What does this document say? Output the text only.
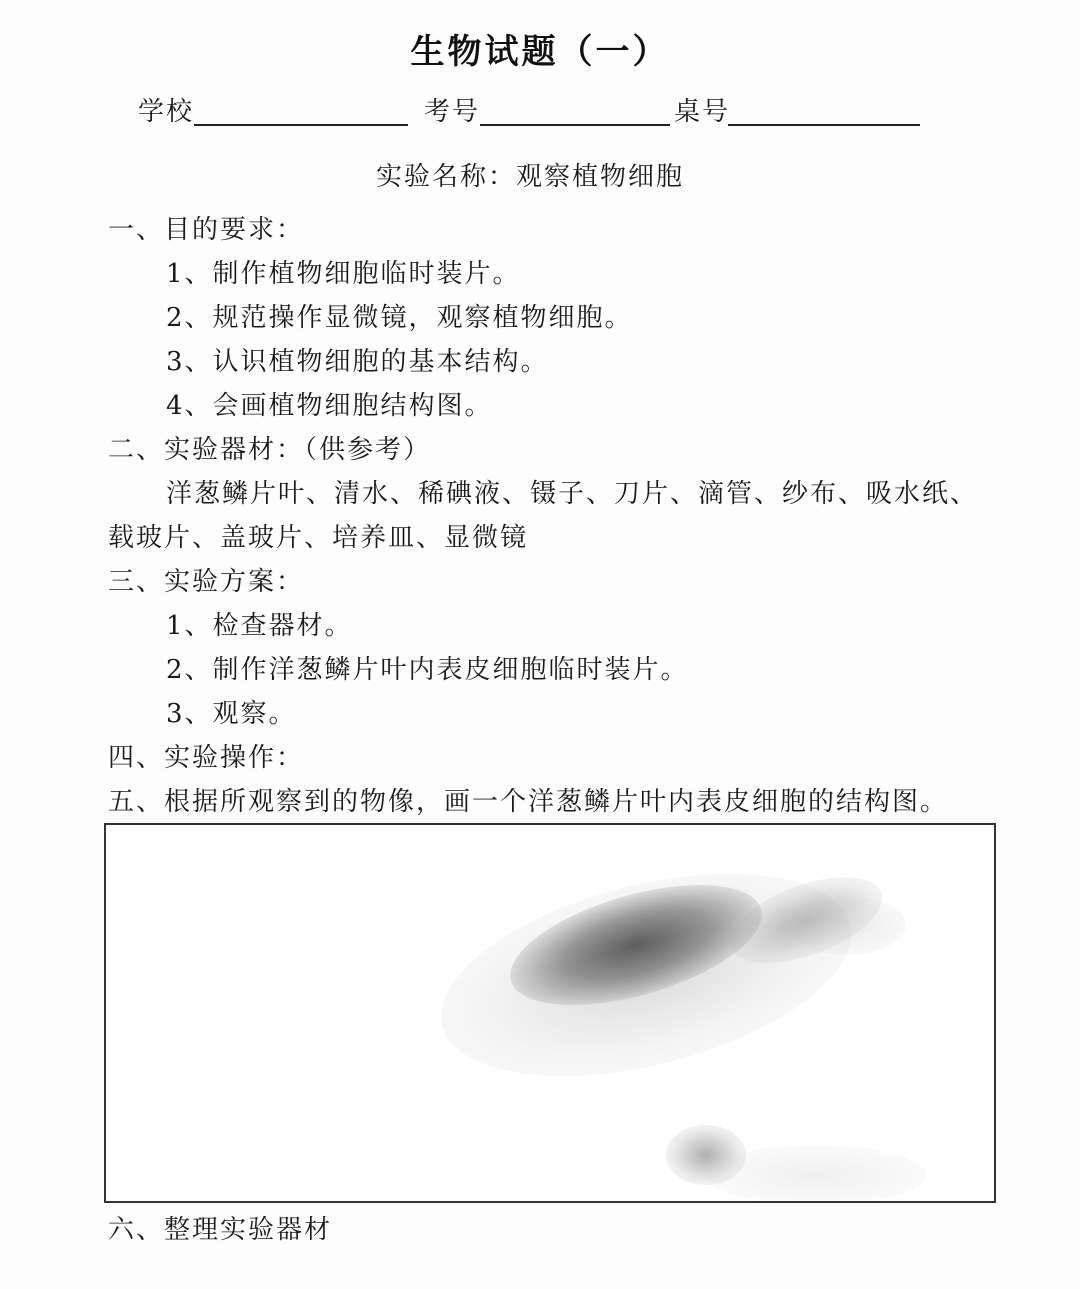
生物试题（一）
学校	考号	桌号
实验名称：观察植物细胞
一、目的要求：
1、制作植物细胞临时装片。
2、规范操作显微镜，观察植物细胞。
3、认识植物细胞的基本结构。
4、会画植物细胞结构图。
二、实验器材：（供参考）
洋葱鳞片叶、清水、稀碘液、镊子、刀片、滴管、纱布、吸水纸、
载玻片、盖玻片、培养皿、显微镜
三、实验方案：
1、检查器材。
2、制作洋葱鳞片叶内表皮细胞临时装片。
3、观察。
四、实验操作：
五、根据所观察到的物像，画一个洋葱鳞片叶内表皮细胞的结构图。
六、整理实验器材
